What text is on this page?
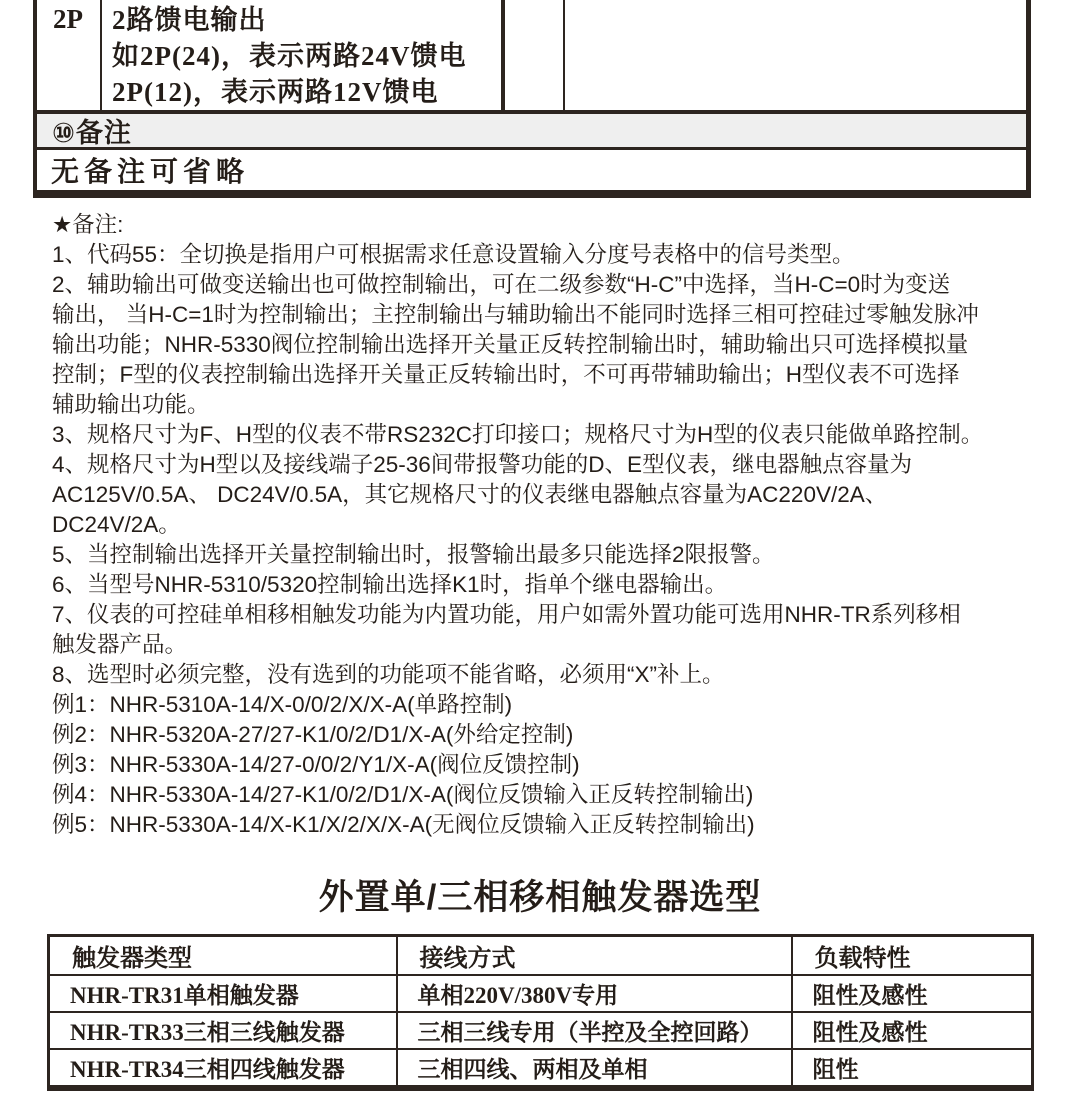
2P	2路馈电输出
如2P(24)，表示两路24V馈电
2P(12)，表示两路12V馈电
⑩备注
无备注可省略
★备注:
1、代码55：全切换是指用户可根据需求任意设置输入分度号表格中的信号类型。
2、辅助输出可做变送输出也可做控制输出，可在二级参数“H-C”中选择，当H-C=0时为变送
输出， 当H-C=1时为控制输出；主控制输出与辅助输出不能同时选择三相可控硅过零触发脉冲
输出功能；NHR-5330阀位控制输出选择开关量正反转控制输出时，辅助输出只可选择模拟量
控制；F型的仪表控制输出选择开关量正反转输出时，不可再带辅助输出；H型仪表不可选择
辅助输出功能。
3、规格尺寸为F、H型的仪表不带RS232C打印接口；规格尺寸为H型的仪表只能做单路控制。
4、规格尺寸为H型以及接线端子25-36间带报警功能的D、E型仪表，继电器触点容量为
AC125V/0.5A、 DC24V/0.5A，其它规格尺寸的仪表继电器触点容量为AC220V/2A、
DC24V/2A。
5、当控制输出选择开关量控制输出时，报警输出最多只能选择2限报警。
6、当型号NHR-5310/5320控制输出选择K1时，指单个继电器输出。
7、仪表的可控硅单相移相触发功能为内置功能，用户如需外置功能可选用NHR-TR系列移相
触发器产品。
8、选型时必须完整，没有选到的功能项不能省略，必须用“X”补上。
例1：NHR-5310A-14/X-0/0/2/X/X-A(单路控制)
例2：NHR-5320A-27/27-K1/0/2/D1/X-A(外给定控制)
例3：NHR-5330A-14/27-0/0/2/Y1/X-A(阀位反馈控制)
例4：NHR-5330A-14/27-K1/0/2/D1/X-A(阀位反馈输入正反转控制输出)
例5：NHR-5330A-14/X-K1/X/2/X/X-A(无阀位反馈输入正反转控制输出)
外置单/三相移相触发器选型
触发器类型	接线方式	负载特性
NHR-TR31单相触发器	单相220V/380V专用	阻性及感性
NHR-TR33三相三线触发器	三相三线专用（半控及全控回路）	阻性及感性
NHR-TR34三相四线触发器	三相四线、两相及单相	阻性
